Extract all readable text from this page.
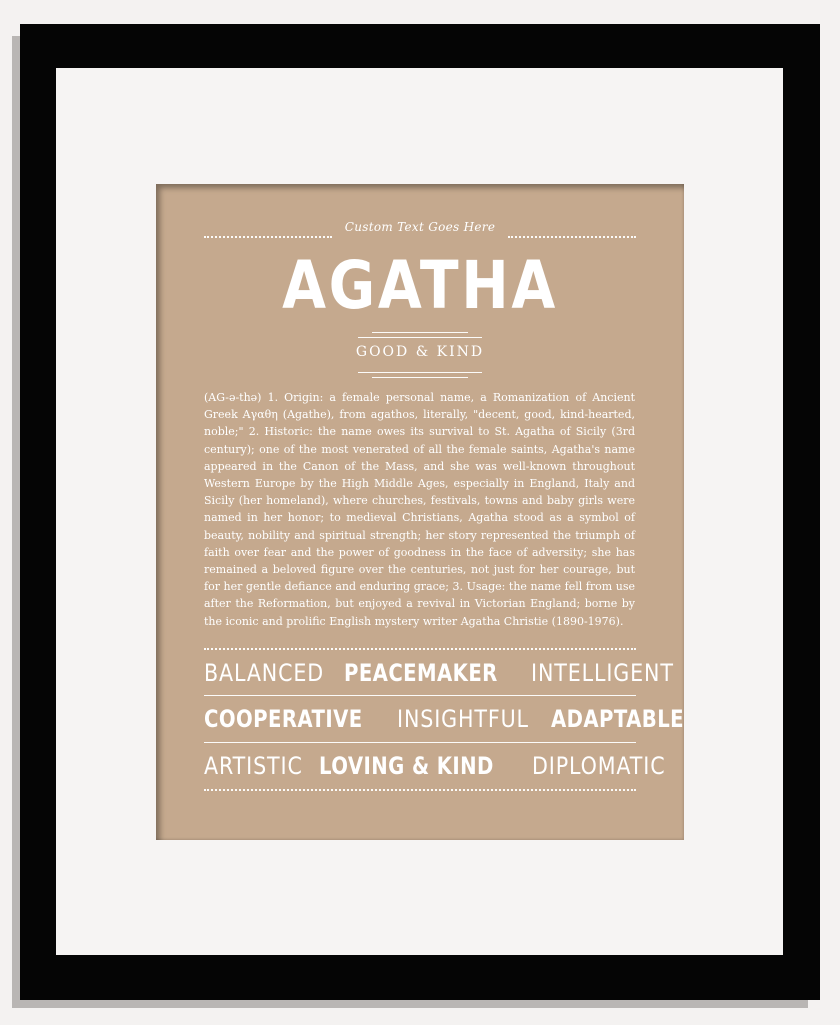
Custom Text Goes Here
AGATHA
GOOD & KIND

(AG-ə-thə) 1. Origin: a female personal name, a Romanization of Ancient Greek Αγαθη (Agathe), from agathos, literally, "decent, good, kind-hearted, noble;" 2. Historic: the name owes its survival to St. Agatha of Sicily (3rd century); one of the most venerated of all the female saints, Agatha's name appeared in the Canon of the Mass, and she was well-known throughout Western Europe by the High Middle Ages, especially in England, Italy and Sicily (her homeland), where churches, festivals, towns and baby girls were named in her honor; to medieval Christians, Agatha stood as a symbol of beauty, nobility and spiritual strength; her story represented the triumph of faith over fear and the power of goodness in the face of adversity; she has remained a beloved figure over the centuries, not just for her courage, but for her gentle defiance and enduring grace; 3. Usage: the name fell from use after the Reformation, but enjoyed a revival in Victorian England; borne by the iconic and prolific English mystery writer Agatha Christie (1890-1976).

BALANCED PEACEMAKER INTELLIGENT
COOPERATIVE INSIGHTFUL ADAPTABLE
ARTISTIC LOVING & KIND DIPLOMATIC
